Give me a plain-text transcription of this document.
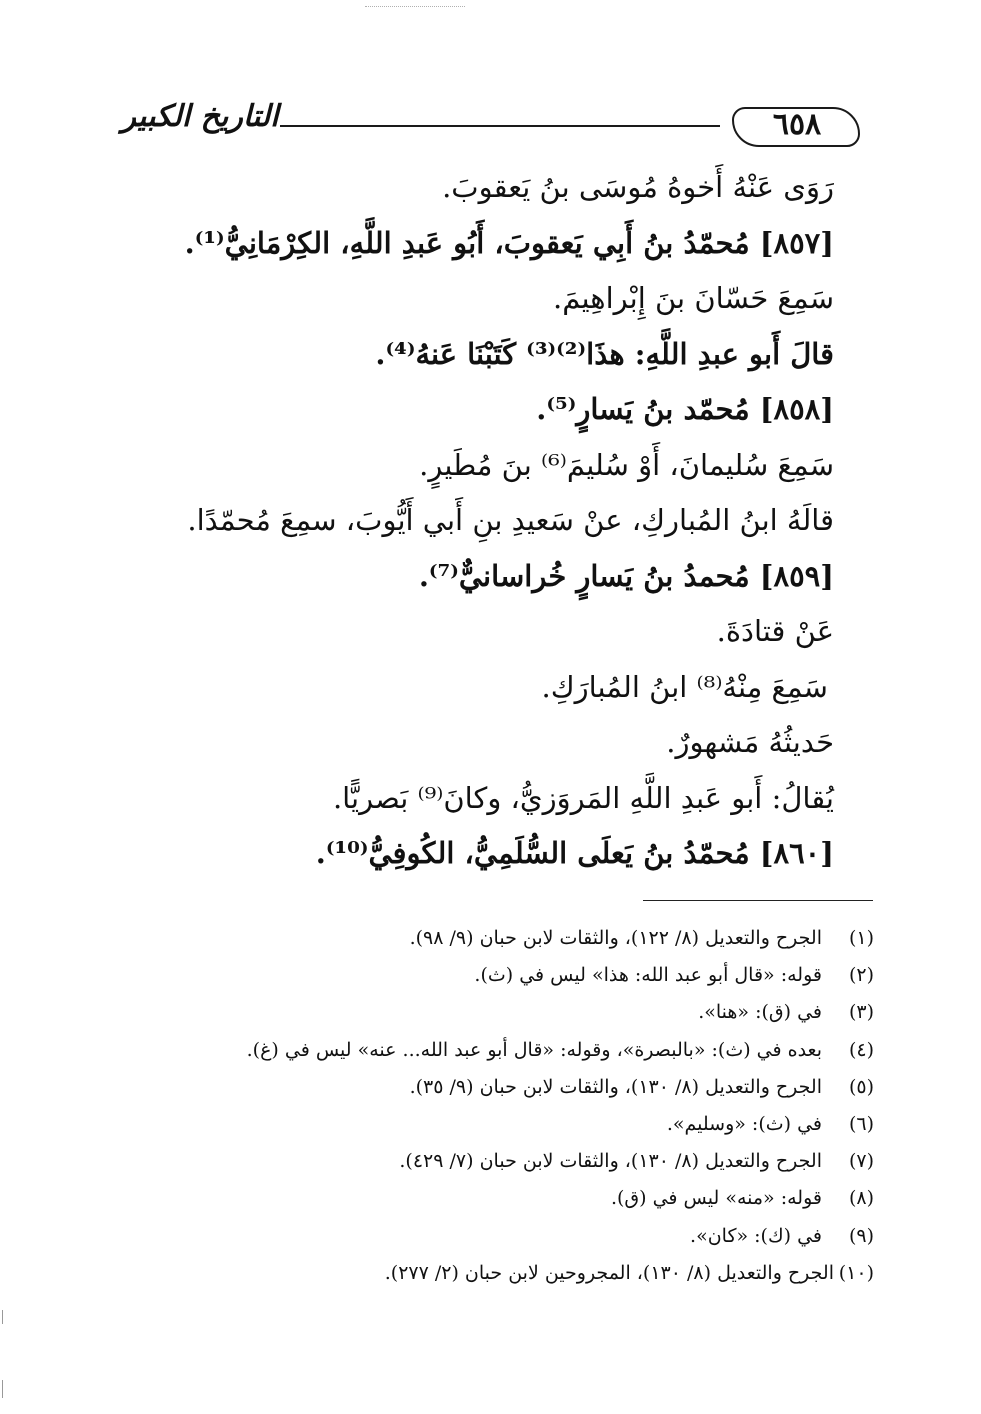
التاريخ الكبير	٦٥٨
رَوَى عَنْهُ أَخوهُ مُوسَى بنُ يَعقوبَ.
[٨٥٧] مُحمّدُ بنُ أَبِي يَعقوبَ، أَبُو عَبدِ اللَّهِ، الكِرْمَانِيُّ⁽¹⁾.
سَمِعَ حَسّانَ بنَ إِبْراهِيمَ.
قالَ أَبو عبدِ اللَّهِ: هذَا⁽²⁾⁽³⁾ كَتَبْنَا عَنهُ⁽⁴⁾.
[٨٥٨] مُحمّد بنُ يَسارٍ⁽⁵⁾.
سَمِعَ سُليمانَ، أَوْ سُليمَ⁽⁶⁾ بنَ مُطَيرٍ.
قالَهُ ابنُ المُباركِ، عنْ سَعيدِ بنِ أَبي أَيُّوبَ، سمِعَ مُحمّدًا.
[٨٥٩] مُحمدُ بنُ يَسارٍ خُراسانيٌّ⁽⁷⁾.
عَنْ قتادَةَ.
سَمِعَ مِنْهُ⁽⁸⁾ ابنُ المُبارَكِ.
حَديثُهُ مَشهورٌ.
يُقالُ: أَبو عَبدِ اللَّهِ المَروَزيُّ، وكانَ⁽⁹⁾ بَصريًّا.
[٨٦٠] مُحمّدُ بنُ يَعلَى السُّلَمِيُّ، الكُوفِيُّ⁽¹⁰⁾.
(١)
الجرح والتعديل (٨/ ١٢٢)، والثقات لابن حبان (٩/ ٩٨).
(٢)
قوله: «قال أبو عبد الله: هذا» ليس في (ث).
(٣)
في (ق): «هنا».
(٤)
بعده في (ث): «بالبصرة»، وقوله: «قال أبو عبد الله... عنه» ليس في (غ).
(٥)
الجرح والتعديل (٨/ ١٣٠)، والثقات لابن حبان (٩/ ٣٥).
(٦)
في (ث): «وسليم».
(٧)
الجرح والتعديل (٨/ ١٣٠)، والثقات لابن حبان (٧/ ٤٢٩).
(٨)
قوله: «منه» ليس في (ق).
(٩)
في (ك): «كان».
(١٠)
الجرح والتعديل (٨/ ١٣٠)، المجروحين لابن حبان (٢/ ٢٧٧).
